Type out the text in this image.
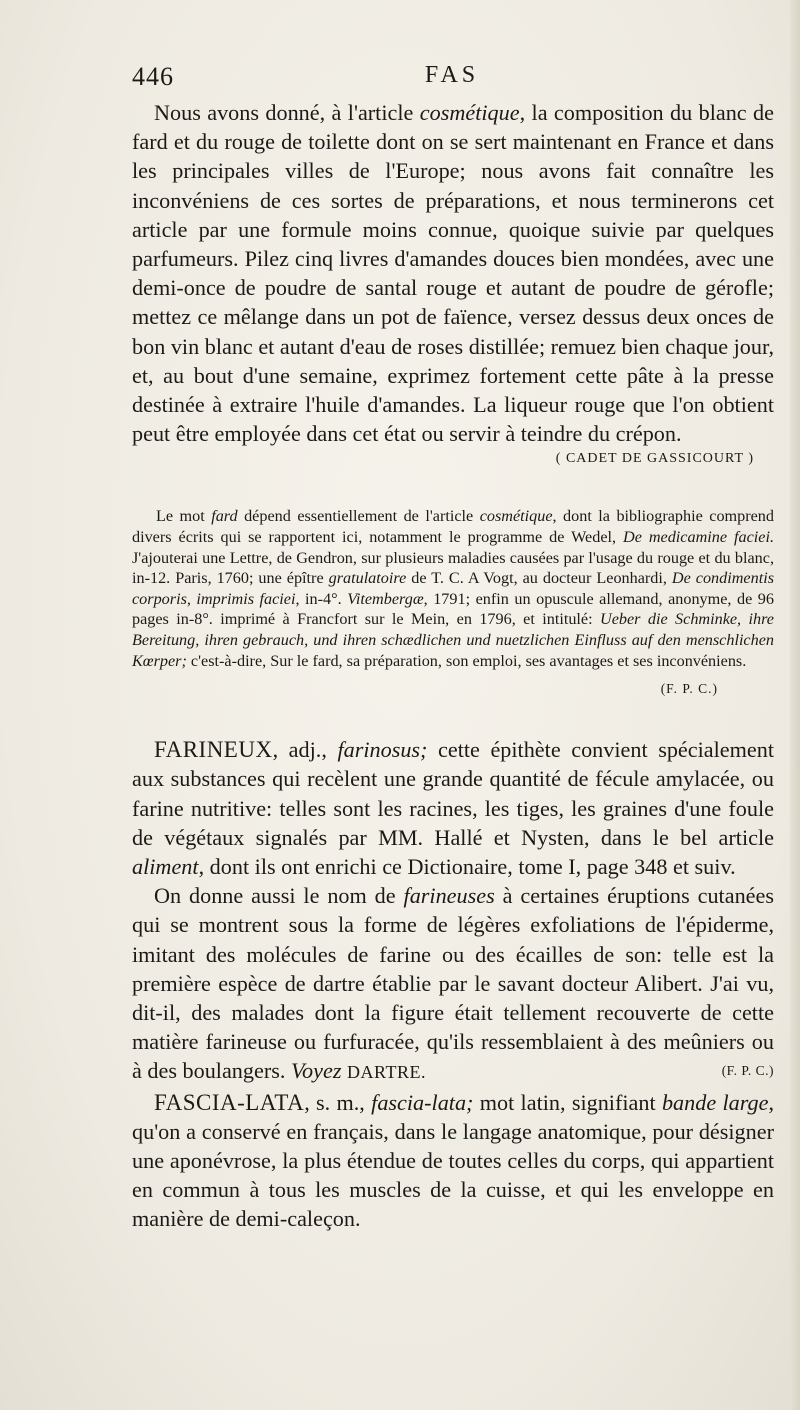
446	FAS

Nous avons donné, à l'article cosmétique, la composition du blanc de fard et du rouge de toilette dont on se sert maintenant en France et dans les principales villes de l'Europe; nous avons fait connaître les inconvéniens de ces sortes de préparations, et nous terminerons cet article par une formule moins connue, quoique suivie par quelques parfumeurs. Pilez cinq livres d'amandes douces bien mondées, avec une demi-once de poudre de santal rouge et autant de poudre de gérofle; mettez ce mêlange dans un pot de faïence, versez dessus deux onces de bon vin blanc et autant d'eau de roses distillée; remuez bien chaque jour, et, au bout d'une semaine, exprimez fortement cette pâte à la presse destinée à extraire l'huile d'amandes. La liqueur rouge que l'on obtient peut être employée dans cet état ou servir à teindre du crépon.

( CADET DE GASSICOURT )

Le mot fard dépend essentiellement de l'article cosmétique, dont la bibliographie comprend divers écrits qui se rapportent ici, notamment le programme de Wedel, De medicamine faciei. J'ajouterai une Lettre, de Gendron, sur plusieurs maladies causées par l'usage du rouge et du blanc, in-12. Paris, 1760; une épître gratulatoire de T. C. A Vogt, au docteur Leonhardi, De condimentis corporis, imprimis faciei, in-4°. Vitembergæ, 1791; enfin un opuscule allemand, anonyme, de 96 pages in-8°. imprimé à Francfort sur le Mein, en 1796, et intitulé: Ueber die Schminke, ihre Bereitung, ihren gebrauch, und ihren schædlichen und nuetzlichen Einfluss auf den menschlichen Kœrper; c'est-à-dire, Sur le fard, sa préparation, son emploi, ses avantages et ses inconvéniens.

(F. P. C.)

FARINEUX, adj., farinosus; cette épithète convient spécialement aux substances qui recèlent une grande quantité de fécule amylacée, ou farine nutritive: telles sont les racines, les tiges, les graines d'une foule de végétaux signalés par MM. Hallé et Nysten, dans le bel article aliment, dont ils ont enrichi ce Dictionaire, tome I, page 348 et suiv.

On donne aussi le nom de farineuses à certaines éruptions cutanées qui se montrent sous la forme de légères exfoliations de l'épiderme, imitant des molécules de farine ou des écailles de son: telle est la première espèce de dartre établie par le savant docteur Alibert. J'ai vu, dit-il, des malades dont la figure était tellement recouverte de cette matière farineuse ou furfuracée, qu'ils ressemblaient à des meûniers ou à des boulangers. Voyez DARTRE.	(F. P. C.)

FASCIA-LATA, s. m., fascia-lata; mot latin, signifiant bande large, qu'on a conservé en français, dans le langage anatomique, pour désigner une aponévrose, la plus étendue de toutes celles du corps, qui appartient en commun à tous les muscles de la cuisse, et qui les enveloppe en manière de demi-caleçon.
